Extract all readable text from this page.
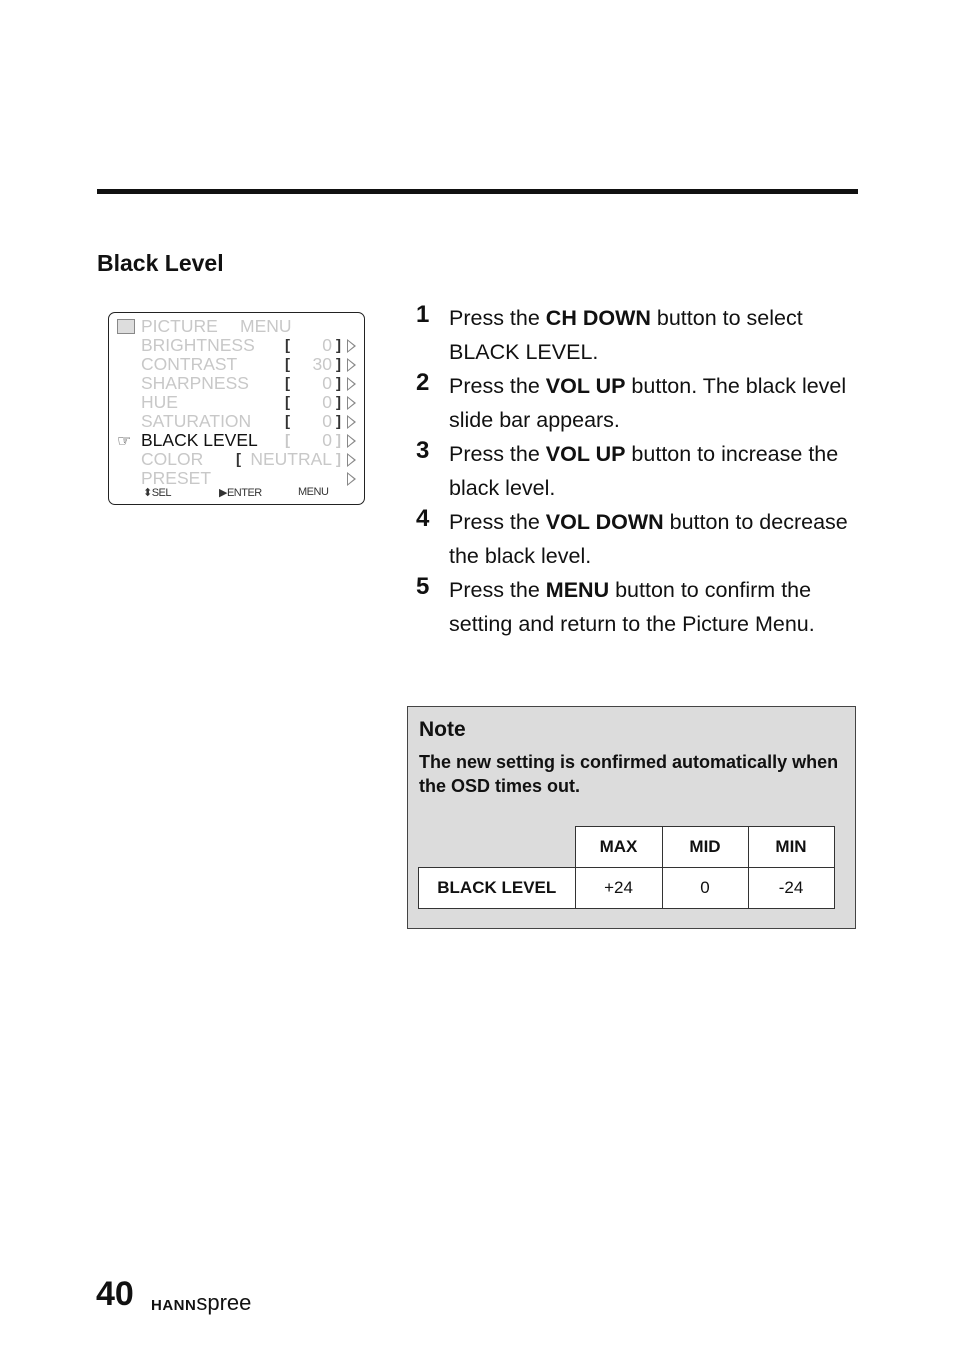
Black Level
PICTURE MENU
BRIGHTNESS [	0 ]
CONTRAST	[	30 ]
SHARPNESS [	0 ]
HUE	[	0 ]
SATURATION [	0 ]
☞ BLACK LEVEL [	0 ]
COLOR [ NEUTRAL ]
PRESET
⬍SEL	▶ENTER	MENU
1 Press the CH DOWN button to select BLACK LEVEL.

2 Press the VOL UP button. The black level slide bar appears.

3 Press the VOL UP button to increase the black level.

4 Press the VOL DOWN button to decrease the black level.

5 Press the MENU button to confirm the setting and return to the Picture Menu.

Note

The new setting is confirmed automatically when the OSD times out.

	MAX	MID	MIN
BLACK LEVEL	+24	0	-24
40 HANNspree
